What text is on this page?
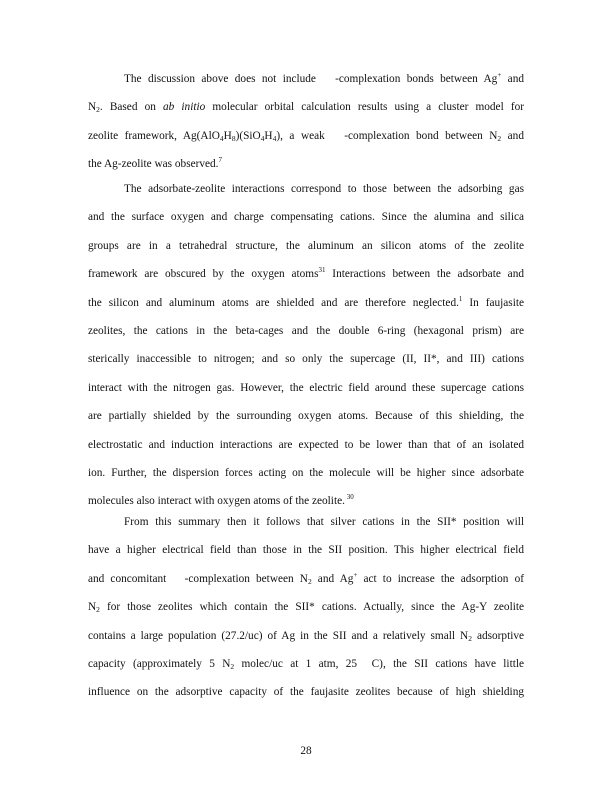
The discussion above does not include   -complexation bonds between Ag+ and
$N_2$. Based on ab initio molecular orbital calculation results using a cluster model for
zeolite framework, $Ag(AlO_4H_8)(SiO_4H_4)$, a weak   -complexation bond between $N_2$ and
the Ag-zeolite was observed.$^7$
The adsorbate-zeolite interactions correspond to those between the adsorbing gas
and the surface oxygen and charge compensating cations. Since the alumina and silica
groups are in a tetrahedral structure, the aluminum an silicon atoms of the zeolite
framework are obscured by the oxygen atoms$^{31}$ Interactions between the adsorbate and
the silicon and aluminum atoms are shielded and are therefore neglected.$^1$ In faujasite
zeolites, the cations in the beta-cages and the double 6-ring (hexagonal prism) are
sterically inaccessible to nitrogen; and so only the supercage (II, II*, and III) cations
interact with the nitrogen gas. However, the electric field around these supercage cations
are partially shielded by the surrounding oxygen atoms. Because of this shielding, the
electrostatic and induction interactions are expected to be lower than that of an isolated
ion. Further, the dispersion forces acting on the molecule will be higher since adsorbate
molecules also interact with oxygen atoms of the zeolite. $^{30}$
From this summary then it follows that silver cations in the SII* position will
have a higher electrical field than those in the SII position. This higher electrical field
and concomitant   -complexation between $N_2$ and Ag+ act to increase the adsorption of
$N_2$ for those zeolites which contain the SII* cations. Actually, since the Ag-Y zeolite
contains a large population (27.2/uc) of Ag in the SII and a relatively small $N_2$ adsorptive
capacity (approximately 5 $N_2$ molec/uc at 1 atm, 25  C), the SII cations have little
influence on the adsorptive capacity of the faujasite zeolites because of high shielding
28
